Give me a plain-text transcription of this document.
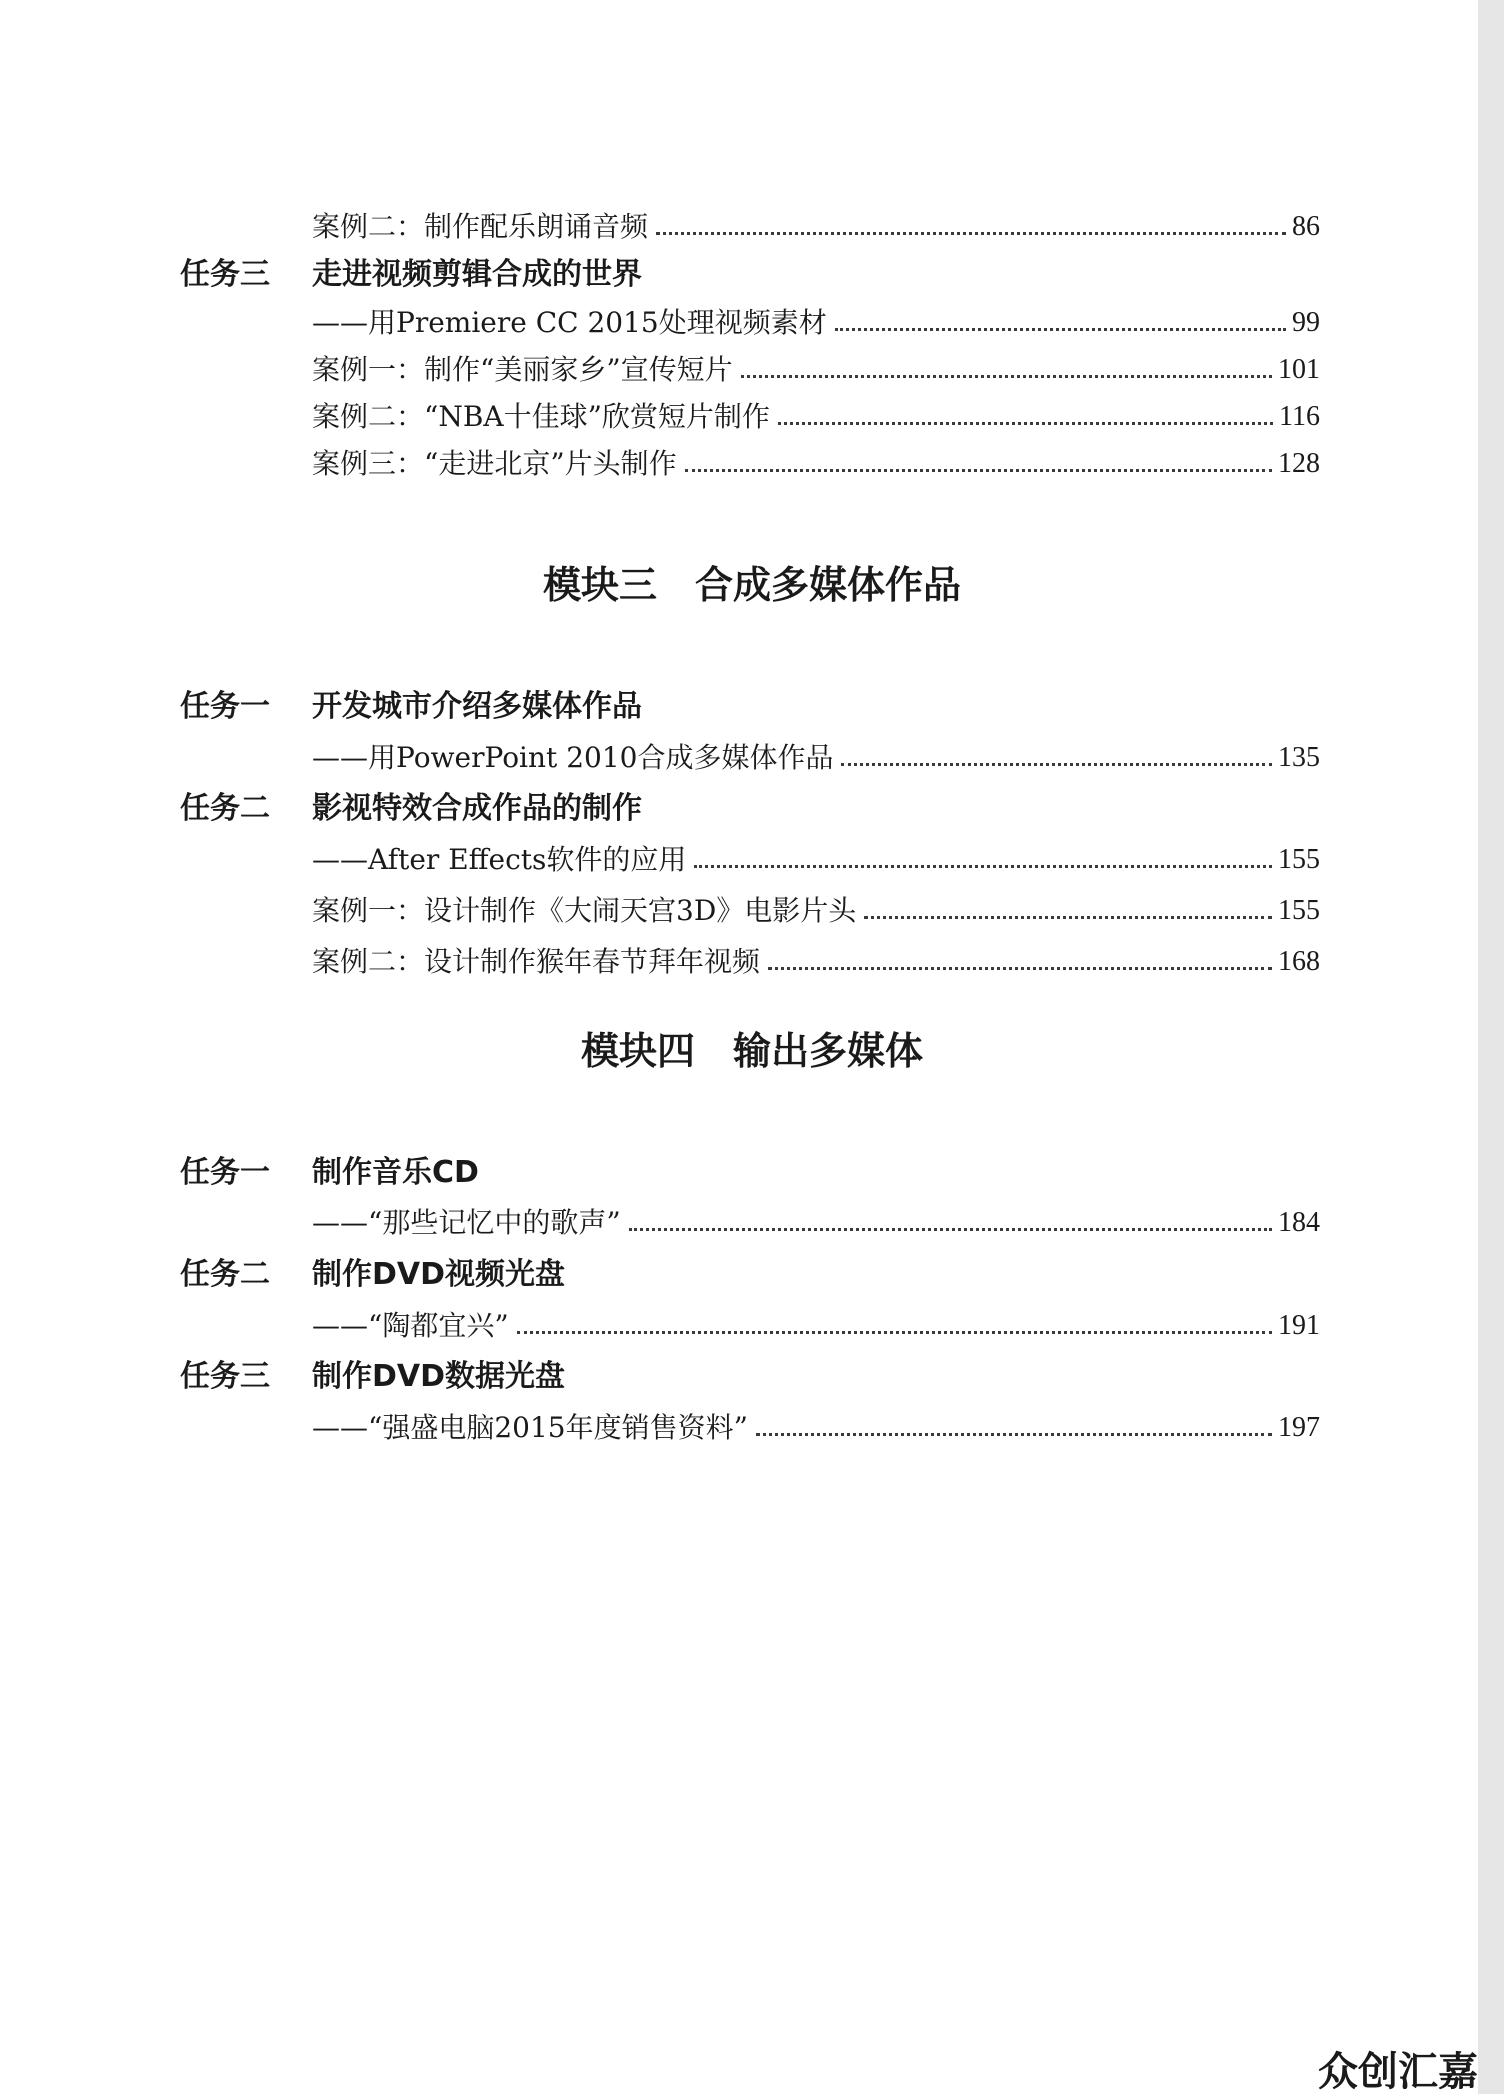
案例二：制作配乐朗诵音频	86
任务三	走进视频剪辑合成的世界
——用Premiere CC 2015处理视频素材	99
案例一：制作“美丽家乡”宣传短片	101
案例二：“NBA十佳球”欣赏短片制作	116
案例三：“走进北京”片头制作	128
模块三　合成多媒体作品
任务一	开发城市介绍多媒体作品
——用PowerPoint 2010合成多媒体作品	135
任务二	影视特效合成作品的制作
——After Effects软件的应用	155
案例一：设计制作《大闹天宫3D》电影片头	155
案例二：设计制作猴年春节拜年视频	168
模块四　输出多媒体
任务一	制作音乐CD
——“那些记忆中的歌声”	184
任务二	制作DVD视频光盘
——“陶都宜兴”	191
任务三	制作DVD数据光盘
——“强盛电脑2015年度销售资料”	197
众创汇嘉
